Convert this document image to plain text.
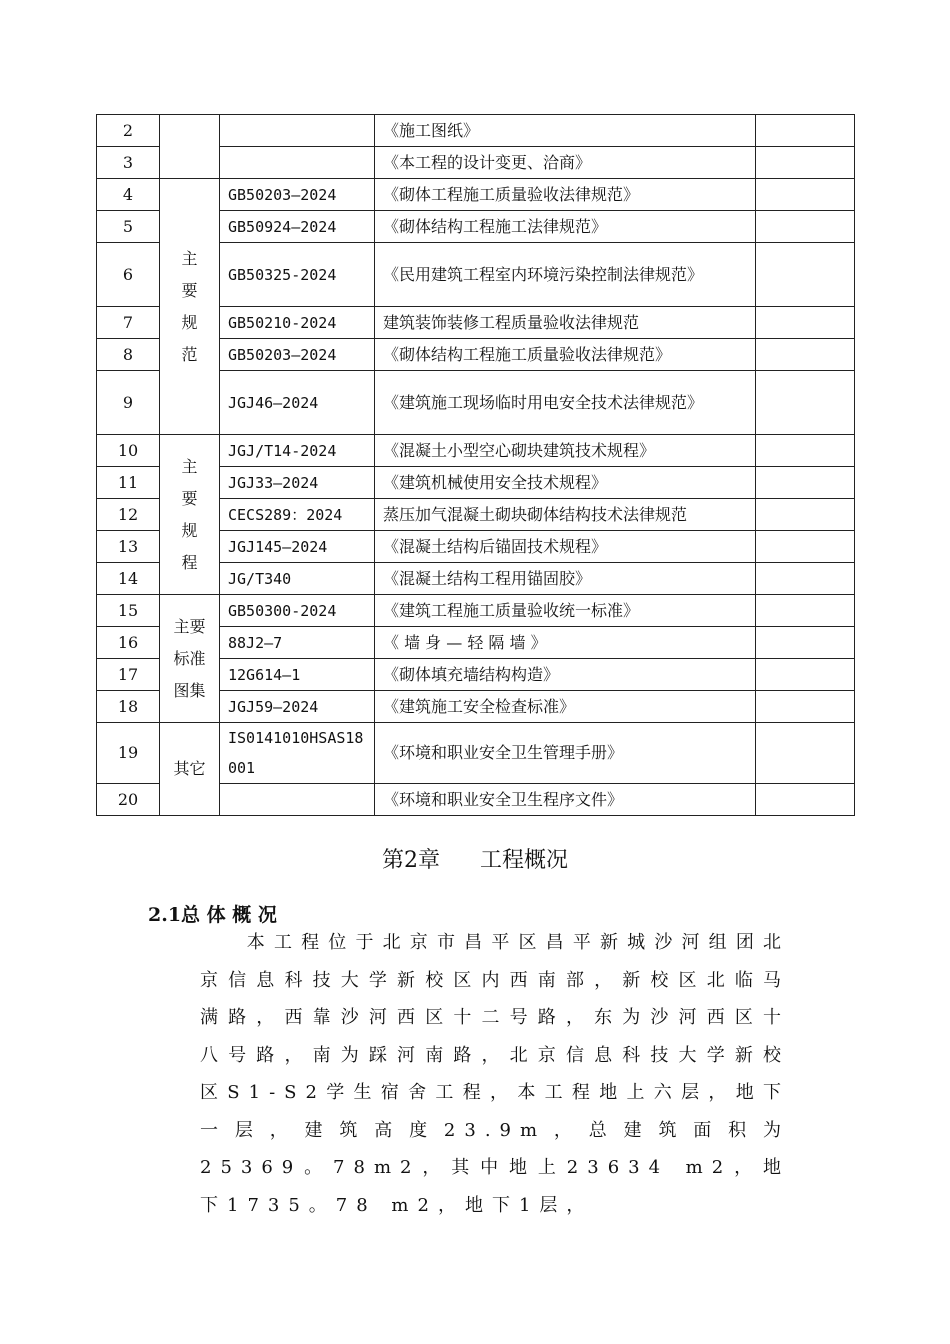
2			《施工图纸》	
3			《本工程的设计变更、洽商》	
4	主
要
规
范	GB50203—2024	《砌体工程施工质量验收法律规范》	
5		GB50924—2024	《砌体结构工程施工法律规范》	
6		GB50325-2024	《民用建筑工程室内环境污染控制法律规范》	
7		GB50210-2024	建筑装饰装修工程质量验收法律规范	
8		GB50203—2024	《砌体结构工程施工质量验收法律规范》	
9		JGJ46—2024	《建筑施工现场临时用电安全技术法律规范》	
10	主
要
规
程	JGJ/T14-2024	《混凝土小型空心砌块建筑技术规程》	
11		JGJ33—2024	《建筑机械使用安全技术规程》	
12		CECS289：2024	蒸压加气混凝土砌块砌体结构技术法律规范	
13		JGJ145—2024	《混凝土结构后锚固技术规程》	
14		JG/T340	《混凝土结构工程用锚固胶》	
15	主要
标准
图集	GB50300-2024	《建筑工程施工质量验收统一标准》	
16		88J2—7	《 墙 身 — 轻 隔 墙 》	
17		12G614—1	《砌体填充墙结构构造》	
18		JGJ59—2024	《建筑施工安全检查标准》	
19	其它	IS0141010HSAS18001	《环境和职业安全卫生管理手册》	
20			《环境和职业安全卫生程序文件》	
第2章 工程概况
2.1总 体 概 况
本工程位于北京市昌平区昌平新城沙河组团北京信息科技大学新校区内西南部，新校区北临马满路，西靠沙河西区十二号路，东为沙河西区十八号路，南为踩河南路，北京信息科技大学新校区S1-S2学生宿舍工程，本工程地上六层，地下一层，建筑高度23.9m，总建筑面积为25369。78m2，其中地上23634 m2，地下1735。78 m2，地下1层，
